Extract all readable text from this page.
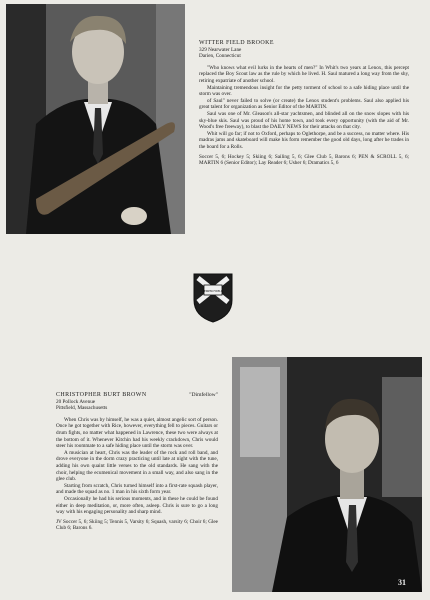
WITTER FIELD BROOKE
329 Nearwater Lane
Darien, Connecticut

"Who knows what evil lurks in the hearts of men?" In Whit's two years at Lenox, this percept replaced the Boy Scout law as the rule by which he lived. H. Saul matured a long way from the shy, retiring expatriate of another school.

Maintaining tremendous insight for the petty torment of school to a safe hiding place until the storm was over.

of Saul" never failed to solve (or create) the Lenox student's problems. Saul also applied his great talent for organization as Senior Editor of the MARTIN.

Saul was one of Mr. Gleason's all-star yachtsmen, and blinded all on the snow slopes with his sky-blue skis. Saul was proud of his home town, and took every opportunity (with the aid of Mr. Wood's free freeway), to blast the DAILY NEWS for their attacks on that city.

Whit will go far; if not to Oxford, perhaps to Oglethorpe, and be a success, no matter where. His madras jams and skateboard will make his form remember the good old days, long after he trades in the board for a Rolls.

Soccer 5, 6; Hockey 5; Skiing 6; Sailing 5, 6; Glee Club 5, Barons 6; PEN & SCROLL 5, 6; MARTIN 6 (Senior Editor); Lay Reader 6; Usher 6; Dramatics 5, 6
SEMPER FIDELIS
CHRISTOPHER BURT BROWN	"Dimfellow"
20 Pollock Avenue
Pittsfield, Massachusetts

When Chris was by himself, he was a quiet, almost angelic sort of person. Once he got together with Rice, however, everything fell to pieces. Guitars or drum fights, no matter what happened in Lawrence, these two were always at the bottom of it. Whenever Kitchin had his weekly crackdown, Chris would steer his roommate to a safe hiding place until the storm was over.

A musician at heart, Chris was the leader of the rock and roll band, and drove everyone in the dorm crazy practicing until late at night with the tune, adding his own quaint little verses to the old standards. He sang with the choir, helping the ecumenical movement in a small way, and also sang in the glee club.

Starting from scratch, Chris turned himself into a first-rate squash player, and made the squad as no. 1 man in his sixth form year.

Occasionally he had his serious moments, and in these he could be found either in deep meditation, or, more often, asleep. Chris is sure to go a long way with his engaging personality and sharp mind.

JV Soccer 5, 6; Skiing 5; Tennis 5, Varsity 6; Squash, varsity 6; Choir 6; Glee Club 6; Barons 6.
31
